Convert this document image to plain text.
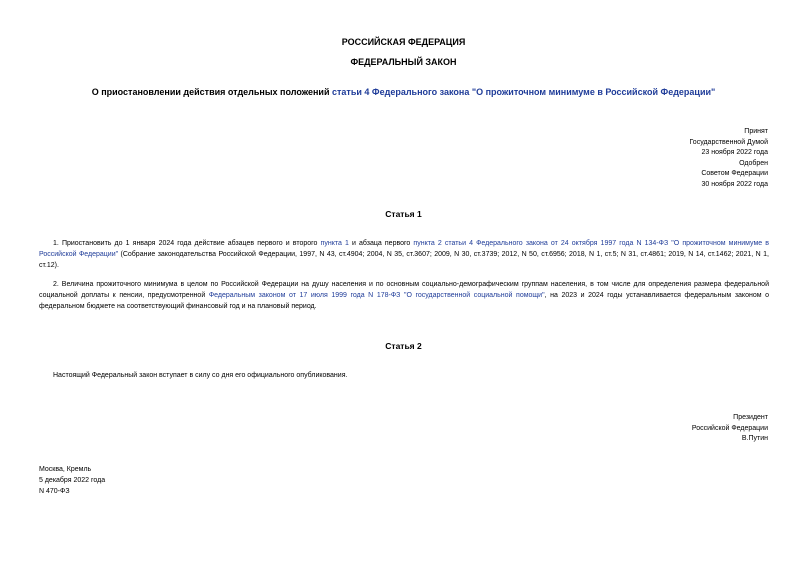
РОССИЙСКАЯ ФЕДЕРАЦИЯ
ФЕДЕРАЛЬНЫЙ ЗАКОН
О приостановлении действия отдельных положений статьи 4 Федерального закона "О прожиточном минимуме в Российской Федерации"
Принят
Государственной Думой
23 ноября 2022 года
Одобрен
Советом Федерации
30 ноября 2022 года
Статья 1
1. Приостановить до 1 января 2024 года действие абзацев первого и второго пункта 1 и абзаца первого пункта 2 статьи 4 Федерального закона от 24 октября 1997 года N 134-ФЗ "О прожиточном минимуме в Российской Федерации" (Собрание законодательства Российской Федерации, 1997, N 43, ст.4904; 2004, N 35, ст.3607; 2009, N 30, ст.3739; 2012, N 50, ст.6956; 2018, N 1, ст.5; N 31, ст.4861; 2019, N 14, ст.1462; 2021, N 1, ст.12).
2. Величина прожиточного минимума в целом по Российской Федерации на душу населения и по основным социально-демографическим группам населения, в том числе для определения размера федеральной социальной доплаты к пенсии, предусмотренной Федеральным законом от 17 июля 1999 года N 178-ФЗ "О государственной социальной помощи", на 2023 и 2024 годы устанавливается федеральным законом о федеральном бюджете на соответствующий финансовый год и на плановый период.
Статья 2
Настоящий Федеральный закон вступает в силу со дня его официального опубликования.
Президент
Российской Федерации
В.Путин
Москва, Кремль
5 декабря 2022 года
N 470-ФЗ
